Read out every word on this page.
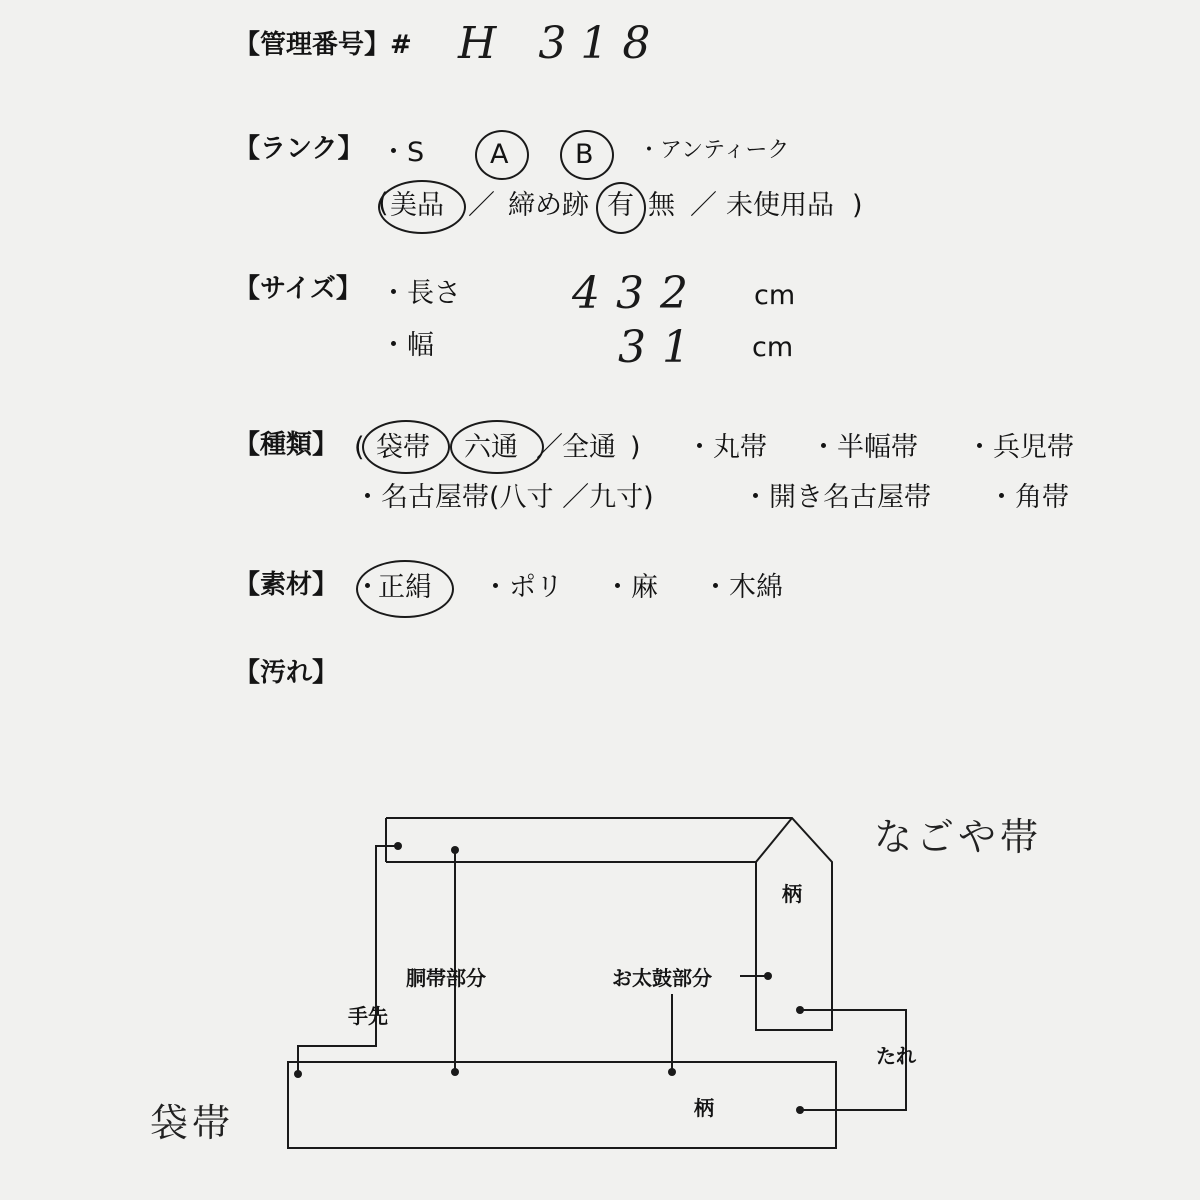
【管理番号】# H 318
【ランク】 ・S A B ・アンティーク
( 美品 ／ 締め跡 有 無 ／ 未使用品 )
【サイズ】 ・長さ	432 cm
・幅	31 cm
【種類】 ( 袋帯 六通 ／ 全通 ) ・丸帯 ・半幅帯 ・兵児帯
・名古屋帯(八寸 ／九寸)	・開き名古屋帯 ・角帯
【素材】 ・
正絹 ・ポリ ・麻 ・木綿
【汚れ】
なごや帯
袋帯
柄
柄
胴帯部分	お太鼓部分
手先
たれ
